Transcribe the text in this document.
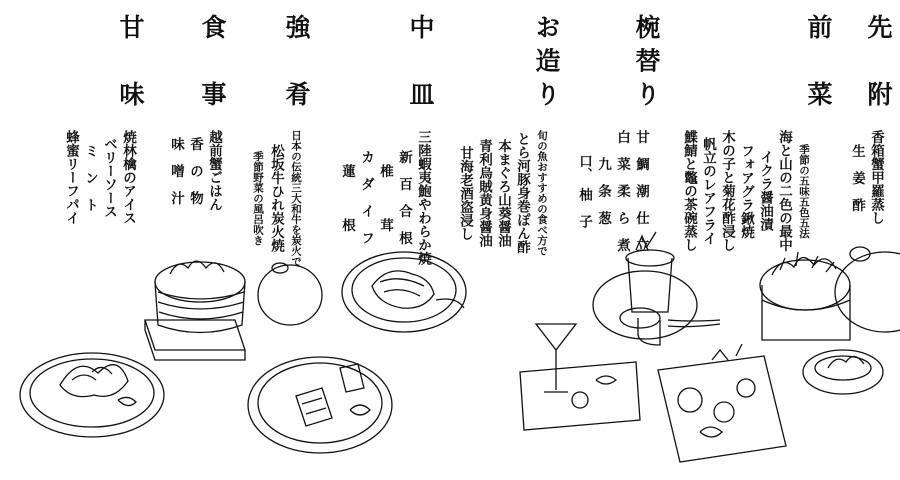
先附
前菜
椀替り
お造り
中皿
強肴
食事
甘味
香箱蟹甲羅蒸し
生　姜　酢
季節の五味五色五法
海と山の二色の最中
イクラ醤油漬
フォアグラ鍬焼
木の子と菊花酢浸し
帆立のレアフライ
鰈鯖と鼈の茶碗蒸し
甘　鯛　潮　仕　立
白　菜　柔　ら　煮
九　条　葱
口、　柚　子
旬の魚おすすめの食べ方で
とら河豚身巻ぽん酢
本まぐろ山葵醤油
青利烏賊黄身醤油
甘海老酒盗浸し
三陸蝦夷鮑やわらか焼
新　百　合　根
椎　　　茸
カ　ダ　イ　フ
蓮　　　根
日本の伝統三大和牛を炭火で
松坂牛ひれ炭火焼
季節野菜の風呂吹き
越前蟹ごはん
香　の　物
味　噌　汁
焼林檎のアイス
ベリーソース
ミ　ン　ト
蜂蜜リーフパイ
